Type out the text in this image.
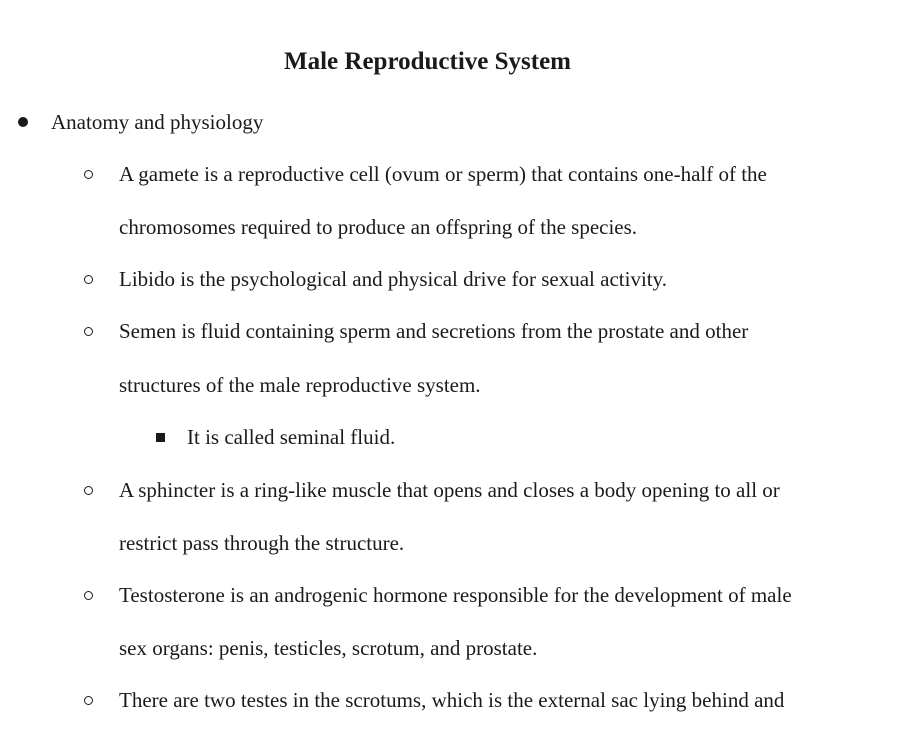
Male Reproductive System
Anatomy and physiology
A gamete is a reproductive cell (ovum or sperm) that contains one-half of the
chromosomes required to produce an offspring of the species.
Libido is the psychological and physical drive for sexual activity.
Semen is fluid containing sperm and secretions from the prostate and other
structures of the male reproductive system.
It is called seminal fluid.
A sphincter is a ring-like muscle that opens and closes a body opening to all or
restrict pass through the structure.
Testosterone is an androgenic hormone responsible for the development of male
sex organs: penis, testicles, scrotum, and prostate.
There are two testes in the scrotums, which is the external sac lying behind and
